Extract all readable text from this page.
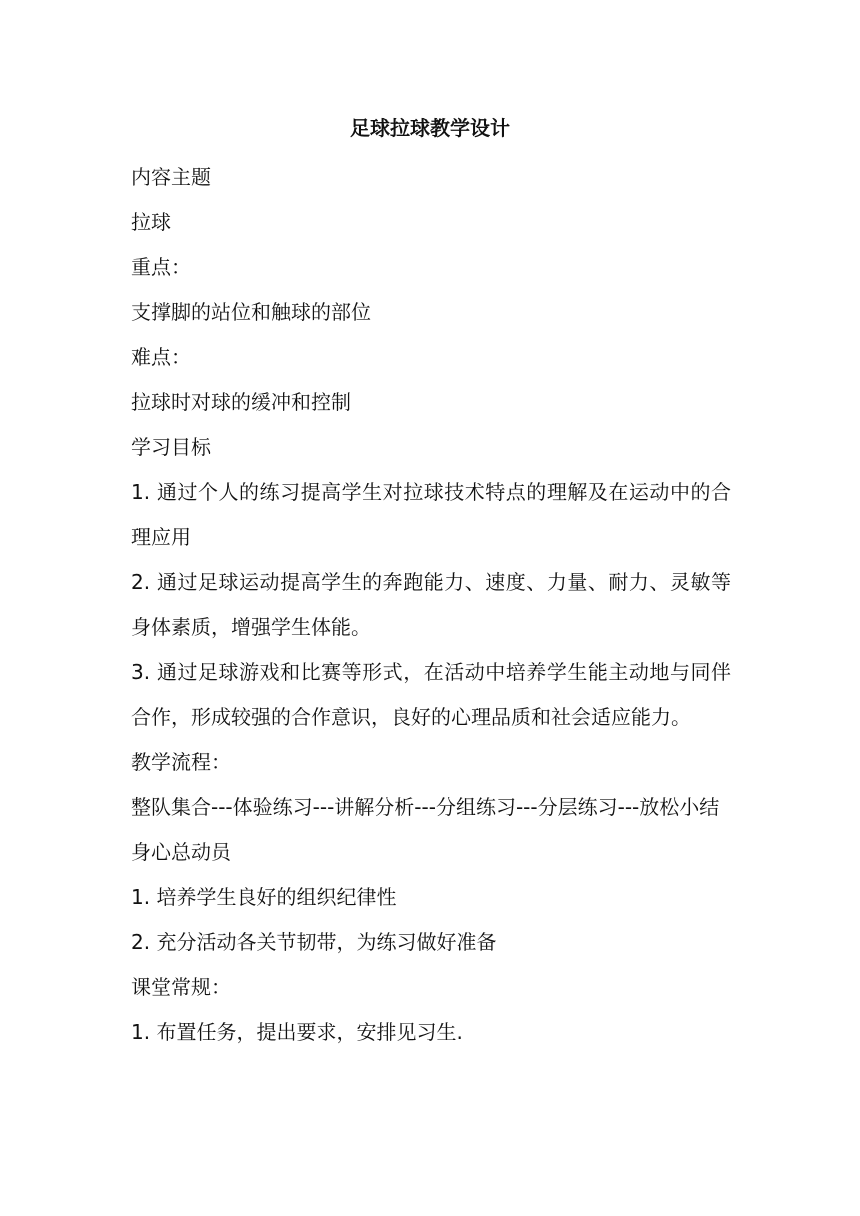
足球拉球教学设计
内容主题
拉球
重点：
支撑脚的站位和触球的部位
难点：
拉球时对球的缓冲和控制
学习目标
1. 通过个人的练习提高学生对拉球技术特点的理解及在运动中的合理应用
2. 通过足球运动提高学生的奔跑能力、速度、力量、耐力、灵敏等身体素质，增强学生体能。
3. 通过足球游戏和比赛等形式，在活动中培养学生能主动地与同伴合作，形成较强的合作意识，良好的心理品质和社会适应能力。
教学流程：
整队集合---体验练习---讲解分析---分组练习---分层练习---放松小结
身心总动员
1. 培养学生良好的组织纪律性
2. 充分活动各关节韧带，为练习做好准备
课堂常规：
1. 布置任务，提出要求，安排见习生.
